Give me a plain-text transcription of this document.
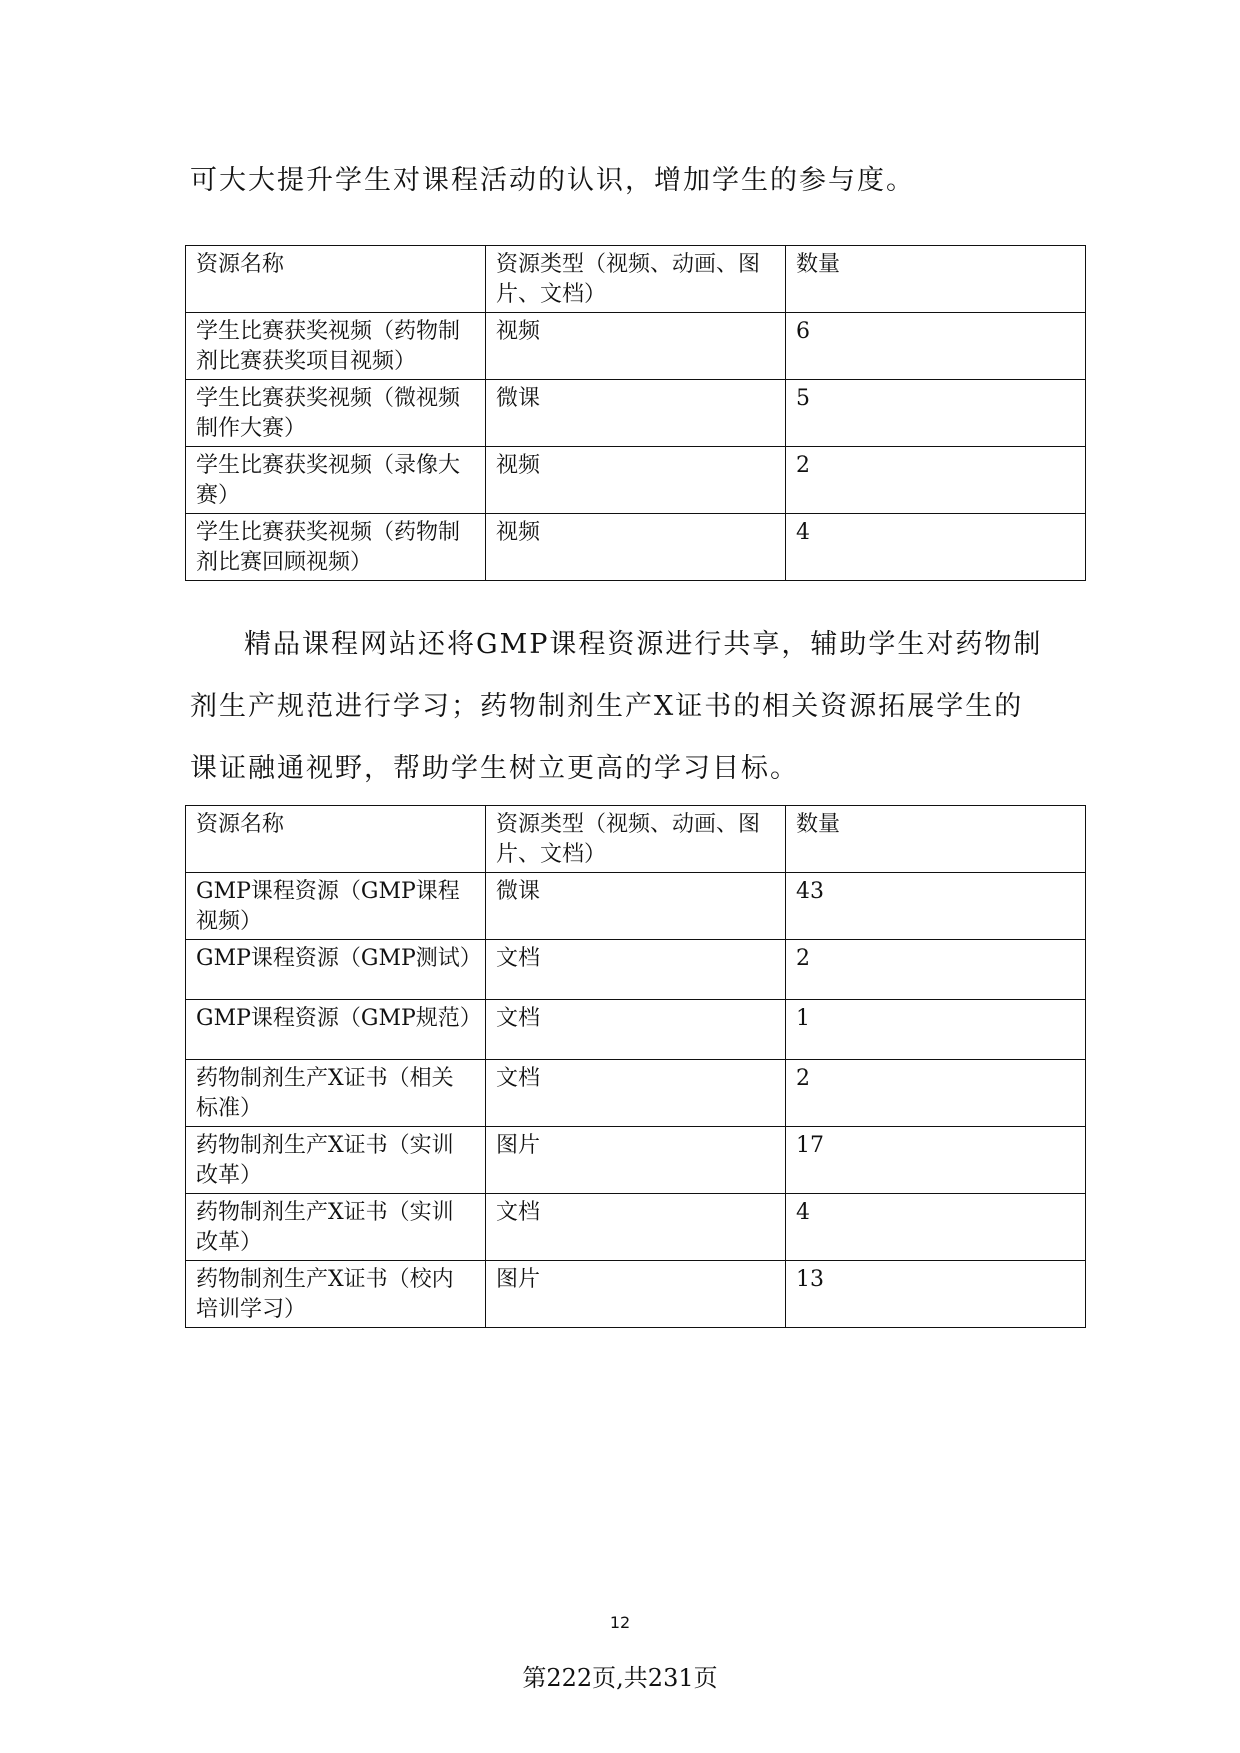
可大大提升学生对课程活动的认识，增加学生的参与度。

资源名称	资源类型（视频、动画、图片、文档）	数量
学生比赛获奖视频（药物制剂比赛获奖项目视频）	视频	6
学生比赛获奖视频（微视频制作大赛）	微课	5
学生比赛获奖视频（录像大赛）	视频	2
学生比赛获奖视频（药物制剂比赛回顾视频）	视频	4

精品课程网站还将GMP课程资源进行共享，辅助学生对药物制剂生产规范进行学习；药物制剂生产X证书的相关资源拓展学生的课证融通视野，帮助学生树立更高的学习目标。

资源名称	资源类型（视频、动画、图片、文档）	数量
GMP课程资源（GMP课程视频）	微课	43
GMP课程资源（GMP测试）	文档	2
GMP课程资源（GMP规范）	文档	1
药物制剂生产X证书（相关标准）	文档	2
药物制剂生产X证书（实训改革）	图片	17
药物制剂生产X证书（实训改革）	文档	4
药物制剂生产X证书（校内培训学习）	图片	13
12
第222页,共231页
